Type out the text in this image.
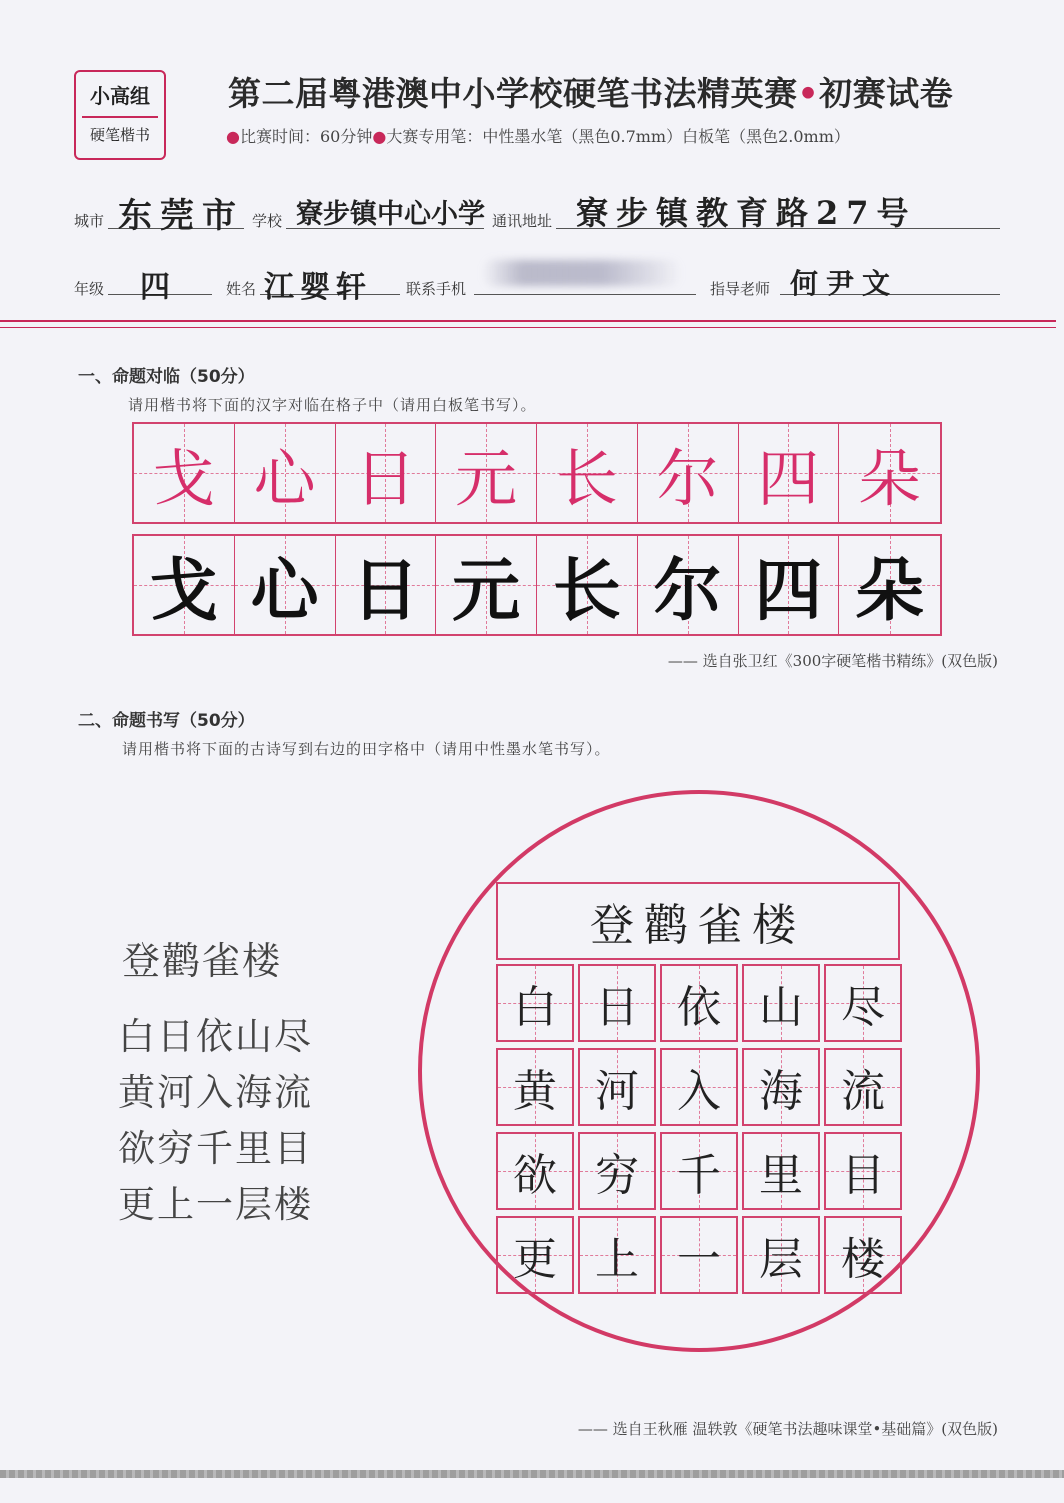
小高组
硬笔楷书
第二届粤港澳中小学校硬笔书法精英赛•初赛试卷
●比赛时间：60分钟●大赛专用笔：中性墨水笔（黑色0.7mm）白板笔（黑色2.0mm）
城市 东莞市 学校 寮步镇中心小学 通讯地址 寮步镇教育路27号
年级 四	姓名 江婴轩 联系手机	指导老师 何尹文
一、命题对临（50分）
请用楷书将下面的汉字对临在格子中（请用白板笔书写）。
戈 心 日 元 长 尔 四 朵
戈 心 日 元 长 尔 四 朵
—— 选自张卫红《300字硬笔楷书精练》(双色版)
二、命题书写（50分）
请用楷书将下面的古诗写到右边的田字格中（请用中性墨水笔书写）。
登鹳雀楼
白日依山尽
黄河入海流
欲穷千里目
更上一层楼
登鹳雀楼
白 日 依 山 尽
黄 河 入 海 流
欲 穷 千 里 目
更 上 一 层 楼
—— 选自王秋雁 温轶敦《硬笔书法趣味课堂•基础篇》(双色版)
